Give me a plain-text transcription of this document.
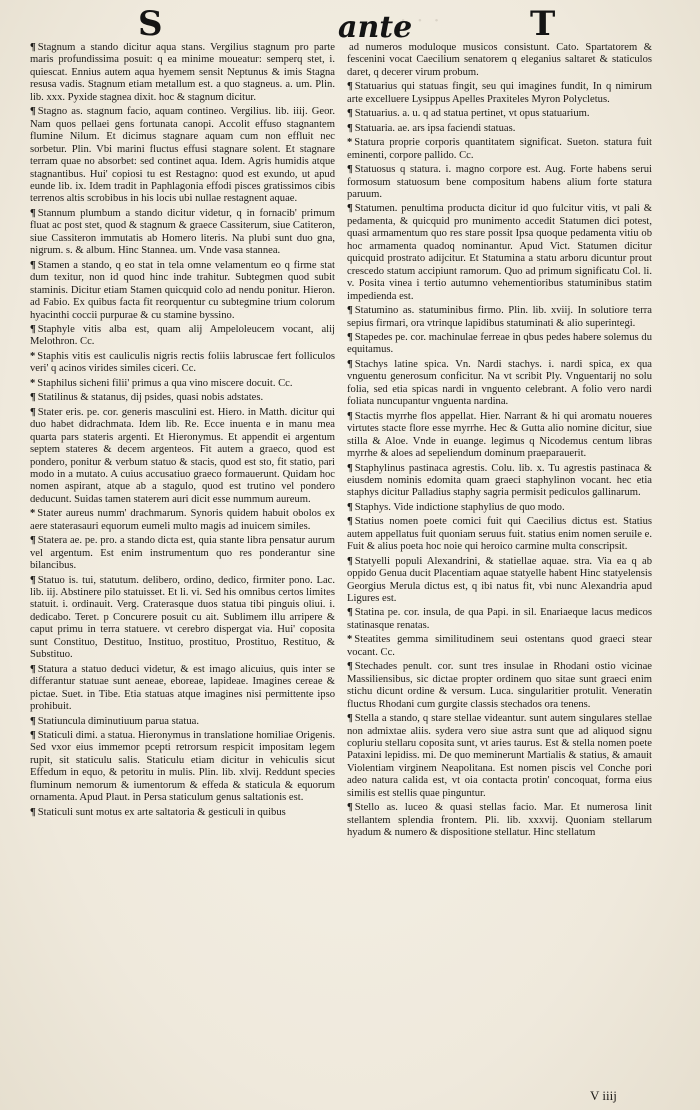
· · ·
S	ante	T

¶ Stagnum a stando dicitur aqua stans. Vergilius stagnum pro parte maris profundissima posuit: q ea minime moueatur: semperq stet, i. quiescat. Ennius autem aqua hyemem sensit Neptunus & imis Stagna resusa vadis. Stagnum etiam metallum est. a quo stagneus. a. um. Plin. lib. xxx. Pyxide stagnea dixit. hoc & stagnum dicitur.

¶ Stagno as. stagnum facio, aquam contineo. Vergilius. lib. iiij. Geor. Nam quos pellaei gens fortunata canopi. Accolit effuso stagnantem flumine Nilum. Et dicimus stagnare aquam cum non effluit nec sorbetur. Plin. Vbi marini fluctus effusi stagnare solent. Et stagnare terram quae no absorbet: sed continet aqua. Idem. Agris humidis atque stagnantibus. Hui' copiosi tu est Restagno: quod est exundo, ut apud eunde lib. ix. Idem tradit in Paphlagonia effodi pisces gratissimos cibis terrenos altis scrobibus in his locis ubi nullae restagnent aquae.

¶ Stannum plumbum a stando dicitur videtur, q in fornacib' primum fluat ac post stet, quod & stagnum & graece Cassiterum, siue Catiteron, siue Cassiteron immutatis ab Homero literis. Na plubi sunt duo gna, nigrum. s. & album. Hinc Stannea. um. Vnde vasa stannea.

¶ Stamen a stando, q eo stat in tela omne velamentum eo q firme stat dum texitur, non id quod hinc inde trahitur. Subtegmen quod subit staminis. Dicitur etiam Stamen quicquid colo ad nendu ponitur. Hieron. ad Fabio. Ex quibus facta fit reorquentur cu subtegmine trium colorum hyacinthi coccii purpurae & cu stamine byssino.

¶ Staphyle vitis alba est, quam alij Ampeloleucem vocant, alij Melothron. Cc.

* Staphis vitis est cauliculis nigris rectis foliis labruscae fert folliculos veri' q acinos virides similes ciceri. Cc.

* Staphilus sicheni filii' primus a qua vino miscere docuit. Cc.

¶ Statilinus & statanus, dij psides, quasi nobis adstates.

¶ Stater eris. pe. cor. generis masculini est. Hiero. in Matth. dicitur qui duo habet didrachmata. Idem lib. Re. Ecce inuenta e in manu mea quarta pars stateris argenti. Et Hieronymus. Et appendit ei argentum septem stateres & decem argenteos. Fit autem a graeco, quod est pondero, ponitur & verbum statuo & stacis, quod est sto, fit statio, pari modo in a mutato. A cuius accusatiuo graeco formauerunt. Quidam hoc nomen aspirant, atque ab a stagulo, quod est trutino vel pondero deducunt. Suidas tamen staterem auri dicit esse nummum aureum.

* Stater aureus numm' drachmarum. Synoris quidem habuit obolos ex aere staterasauri equorum eumeli multo magis ad inuicem similes.

¶ Statera ae. pe. pro. a stando dicta est, quia stante libra pensatur aurum vel argentum. Est enim instrumentum quo res ponderantur sine bilancibus.

¶ Statuo is. tui, statutum. delibero, ordino, dedico, firmiter pono. Lac. lib. iij. Abstinere pilo statuisset. Et li. vi. Sed his omnibus certos limites statuit. i. ordinauit. Verg. Craterasque duos statua tibi pinguis oliui. i. dedicabo. Teret. p Concurere posuit cu ait. Sublimem illu arripere & caput primu in terra statuere. vt cerebro dispergat via. Hui' coposita sunt Constituo, Destituo, Instituo, prostituo, Prostituo, Restituo, & Substituo.

¶ Statura a statuo deduci videtur, & est imago alicuius, quis inter se differantur statuae sunt aeneae, eboreae, lapideae. Imagines cereae & pictae. Suet. in Tibe. Etia statuas atque imagines nisi permittente ipso prohibuit.

¶ Statiuncula diminutiuum parua statua.

¶ Staticuli dimi. a statua. Hieronymus in translatione homiliae Origenis. Sed vxor eius immemor pcepti retrorsum respicit impositam legem rupit, sit staticulu salis. Staticulu etiam dicitur in vehiculis sicut Effedum in equo, & petoritu in mulis. Plin. lib. xlvij. Reddunt species fluminum nemorum & iumentorum & effeda & staticula & equorum ornamenta. Apud Plaut. in Persa staticulum genus saltationis est.

¶ Staticuli sunt motus ex arte saltatoria & gesticuli in quibus

ad numeros moduloque musicos consistunt. Cato. Spartatorem & fescenini vocat Caecilium senatorem q eleganius saltaret & staticulos daret, q decerer virum probum.

¶ Statuarius qui statuas fingit, seu qui imagines fundit, In q nimirum arte excelluere Lysippus Apelles Praxiteles Myron Polycletus.

¶ Statuarius. a. u. q ad statua pertinet, vt opus statuarium.

¶ Statuaria. ae. ars ipsa faciendi statuas.

* Statura proprie corporis quantitatem significat. Sueton. statura fuit eminenti, corpore pallido. Cc.

¶ Statuosus q statura. i. magno corpore est. Aug. Forte habens serui formosum statuosum bene compositum habens alium forte statura paruum.

¶ Statumen. penultima producta dicitur id quo fulcitur vitis, vt pali & pedamenta, & quicquid pro munimento accedit Statumen dici potest, quasi armamentum quo res stare possit Ipsa quoque pedamenta vitiu ob hoc armamenta quadoq nominantur. Apud Vict. Statumen dicitur quicquid prostrato adijcitur. Et Statumina a statu arboru dicuntur prout crescedo statum accipiunt ramorum. Quo ad primum significatu Col. li. v. Posita vinea i tertio autumno vehementioribus statuminibus statim impedienda est.

¶ Statumino as. statuminibus firmo. Plin. lib. xviij. In solutiore terra sepius firmari, ora vtrinque lapidibus statuminati & alio superintegi.

¶ Stapedes pe. cor. machinulae ferreae in qbus pedes habere solemus du equitamus.

¶ Stachys latine spica. Vn. Nardi stachys. i. nardi spica, ex qua vnguentu generosum conficitur. Na vt scribit Ply. Vnguentarij no solu folia, sed etia spicas nardi in vnguento celebrant. A folio vero nardi foliata nuncupantur vnguenta nardina.

¶ Stactis myrrhe flos appellat. Hier. Narrant & hi qui aromatu noueres virtutes stacte flore esse myrrhe. Hec & Gutta alio nomine dicitur, siue stilla & Aloe. Vnde in euange. legimus q Nicodemus centum libras myrrhe & aloes ad sepeliendum dominum praeparauerit.

¶ Staphylinus pastinaca agrestis. Colu. lib. x. Tu agrestis pastinaca & eiusdem nominis edomita quam graeci staphylinon vocant. hec etia staphys dicitur Palladius staphy sagria permisit pediculos gallinarum.

¶ Staphys. Vide indictione staphylius de quo modo.

¶ Statius nomen poete comici fuit qui Caecilius dictus est. Statius autem appellatus fuit quoniam seruus fuit. statius enim nomen seruile e. Fuit & alius poeta hoc noie qui heroico carmine multa conscripsit.

¶ Statyelli populi Alexandrini, & statiellae aquae. stra. Via ea q ab oppido Genua ducit Placentiam aquae statyelle habent Hinc statyelensis Georgius Merula dictus est, q ibi natus fit, vbi nunc Alexandria apud Ligures est.

¶ Statina pe. cor. insula, de qua Papi. in sil. Enariaeque lacus medicos statinasque renatas.

* Steatites gemma similitudinem seui ostentans quod graeci stear vocant. Cc.

¶ Stechades penult. cor. sunt tres insulae in Rhodani ostio vicinae Massiliensibus, sic dictae propter ordinem quo sitae sunt graeci enim stichu dicunt ordine & versum. Luca. singularitier protulit. Veneratin fluctus Rhodani cum gurgite classis stechados ora tenens.

¶ Stella a stando, q stare stellae videantur. sunt autem singulares stellae non admixtae aliis. sydera vero siue astra sunt que ad aliquod signu copluriu stellaru coposita sunt, vt aries taurus. Est & stella nomen poete Pataxini lepidiss. mi. De quo meminerunt Martialis & statius, & amauit Violentiam virginem Neapolitana. Est nomen piscis vel Conche pori adeo natura calida est, vt oia contacta protin' concoquat, forma eius similis est stellis quae pinguntur.

¶ Stello as. luceo & quasi stellas facio. Mar. Et numerosa linit stellantem splendia frontem. Pli. lib. xxxvij. Quoniam stellarum hyadum & numero & dispositione stellatur. Hinc stellatum

V iiij
